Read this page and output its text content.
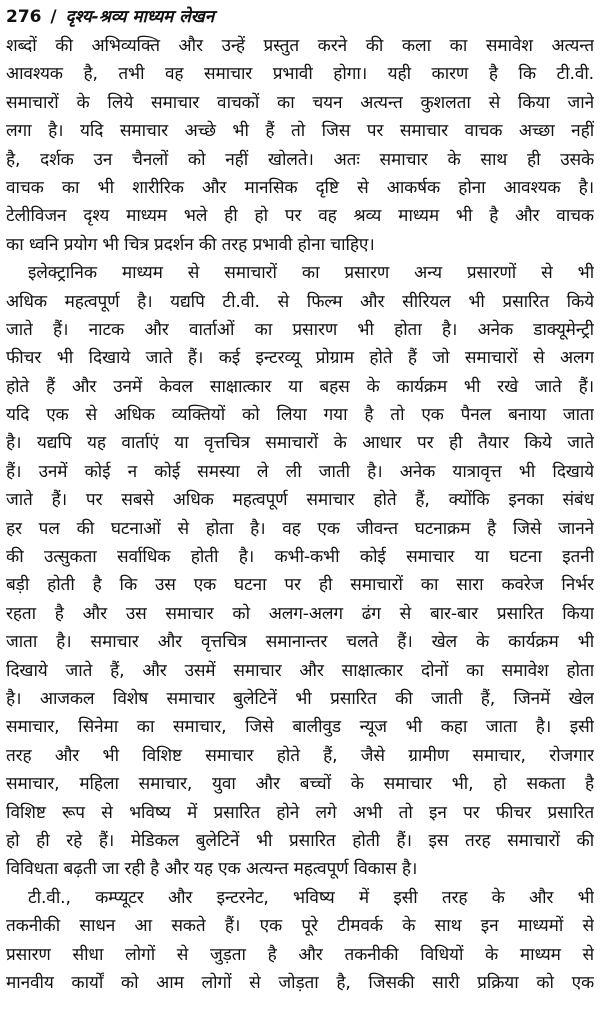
276 / दृश्य-श्रव्य माध्यम लेखन
शब्दों की अभिव्यक्ति और उन्हें प्रस्तुत करने की कला का समावेश अत्यन्त
आवश्यक है, तभी वह समाचार प्रभावी होगा। यही कारण है कि टी.वी.
समाचारों के लिये समाचार वाचकों का चयन अत्यन्त कुशलता से किया जाने
लगा है। यदि समाचार अच्छे भी हैं तो जिस पर समाचार वाचक अच्छा नहीं
है, दर्शक उन चैनलों को नहीं खोलते। अतः समाचार के साथ ही उसके
वाचक का भी शारीरिक और मानसिक दृष्टि से आकर्षक होना आवश्यक है।
टेलीविजन दृश्य माध्यम भले ही हो पर वह श्रव्य माध्यम भी है और वाचक
का ध्वनि प्रयोग भी चित्र प्रदर्शन की तरह प्रभावी होना चाहिए।
इलेक्ट्रानिक माध्यम से समाचारों का प्रसारण अन्य प्रसारणों से भी
अधिक महत्वपूर्ण है। यद्यपि टी.वी. से फिल्म और सीरियल भी प्रसारित किये
जाते हैं। नाटक और वार्ताओं का प्रसारण भी होता है। अनेक डाक्यूमेन्ट्री
फीचर भी दिखाये जाते हैं। कई इन्टरव्यू प्रोग्राम होते हैं जो समाचारों से अलग
होते हैं और उनमें केवल साक्षात्कार या बहस के कार्यक्रम भी रखे जाते हैं।
यदि एक से अधिक व्यक्तियों को लिया गया है तो एक पैनल बनाया जाता
है। यद्यपि यह वार्ताएं या वृत्तचित्र समाचारों के आधार पर ही तैयार किये जाते
हैं। उनमें कोई न कोई समस्या ले ली जाती है। अनेक यात्रावृत्त भी दिखाये
जाते हैं। पर सबसे अधिक महत्वपूर्ण समाचार होते हैं, क्योंकि इनका संबंध
हर पल की घटनाओं से होता है। वह एक जीवन्त घटनाक्रम है जिसे जानने
की उत्सुकता सर्वाधिक होती है। कभी-कभी कोई समाचार या घटना इतनी
बड़ी होती है कि उस एक घटना पर ही समाचारों का सारा कवरेज निर्भर
रहता है और उस समाचार को अलग-अलग ढंग से बार-बार प्रसारित किया
जाता है। समाचार और वृत्तचित्र समानान्तर चलते हैं। खेल के कार्यक्रम भी
दिखाये जाते हैं, और उसमें समाचार और साक्षात्कार दोनों का समावेश होता
है। आजकल विशेष समाचार बुलेटिनें भी प्रसारित की जाती हैं, जिनमें खेल
समाचार, सिनेमा का समाचार, जिसे बालीवुड न्यूज भी कहा जाता है। इसी
तरह और भी विशिष्ट समाचार होते हैं, जैसे ग्रामीण समाचार, रोजगार
समाचार, महिला समाचार, युवा और बच्चों के समाचार भी, हो सकता है
विशिष्ट रूप से भविष्य में प्रसारित होने लगे अभी तो इन पर फीचर प्रसारित
हो ही रहे हैं। मेडिकल बुलेटिनें भी प्रसारित होती हैं। इस तरह समाचारों की
विविधता बढ़ती जा रही है और यह एक अत्यन्त महत्वपूर्ण विकास है।
टी.वी., कम्प्यूटर और इन्टरनेट, भविष्य में इसी तरह के और भी
तकनीकी साधन आ सकते हैं। एक पूरे टीमवर्क के साथ इन माध्यमों से
प्रसारण सीधा लोगों से जुड़ता है और तकनीकी विधियों के माध्यम से
मानवीय कार्यों को आम लोगों से जोड़ता है, जिसकी सारी प्रक्रिया को एक
